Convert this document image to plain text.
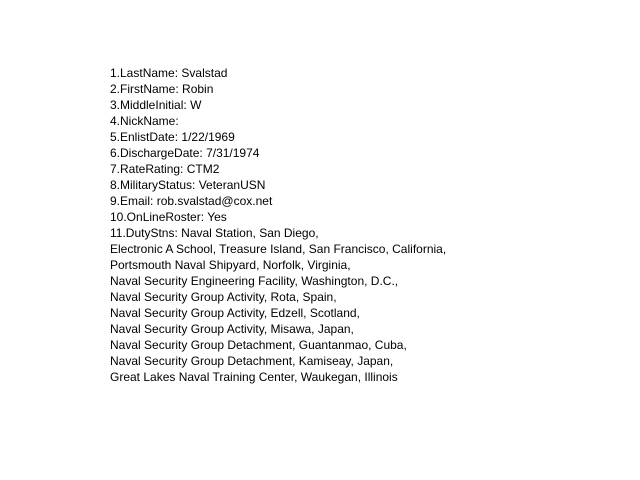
1.LastName: Svalstad
2.FirstName: Robin
3.MiddleInitial: W
4.NickName:
5.EnlistDate: 1/22/1969
6.DischargeDate: 7/31/1974
7.RateRating: CTM2
8.MilitaryStatus: VeteranUSN
9.Email: rob.svalstad@cox.net
10.OnLineRoster: Yes
11.DutyStns: Naval Station, San Diego,
Electronic A School, Treasure Island, San Francisco, California,
Portsmouth Naval Shipyard, Norfolk, Virginia,
Naval Security Engineering Facility, Washington, D.C.,
Naval Security Group Activity, Rota, Spain,
Naval Security Group Activity, Edzell, Scotland,
Naval Security Group Activity, Misawa, Japan,
Naval Security Group Detachment, Guantanmao, Cuba,
Naval Security Group Detachment, Kamiseay, Japan,
Great Lakes Naval Training Center, Waukegan, Illinois
